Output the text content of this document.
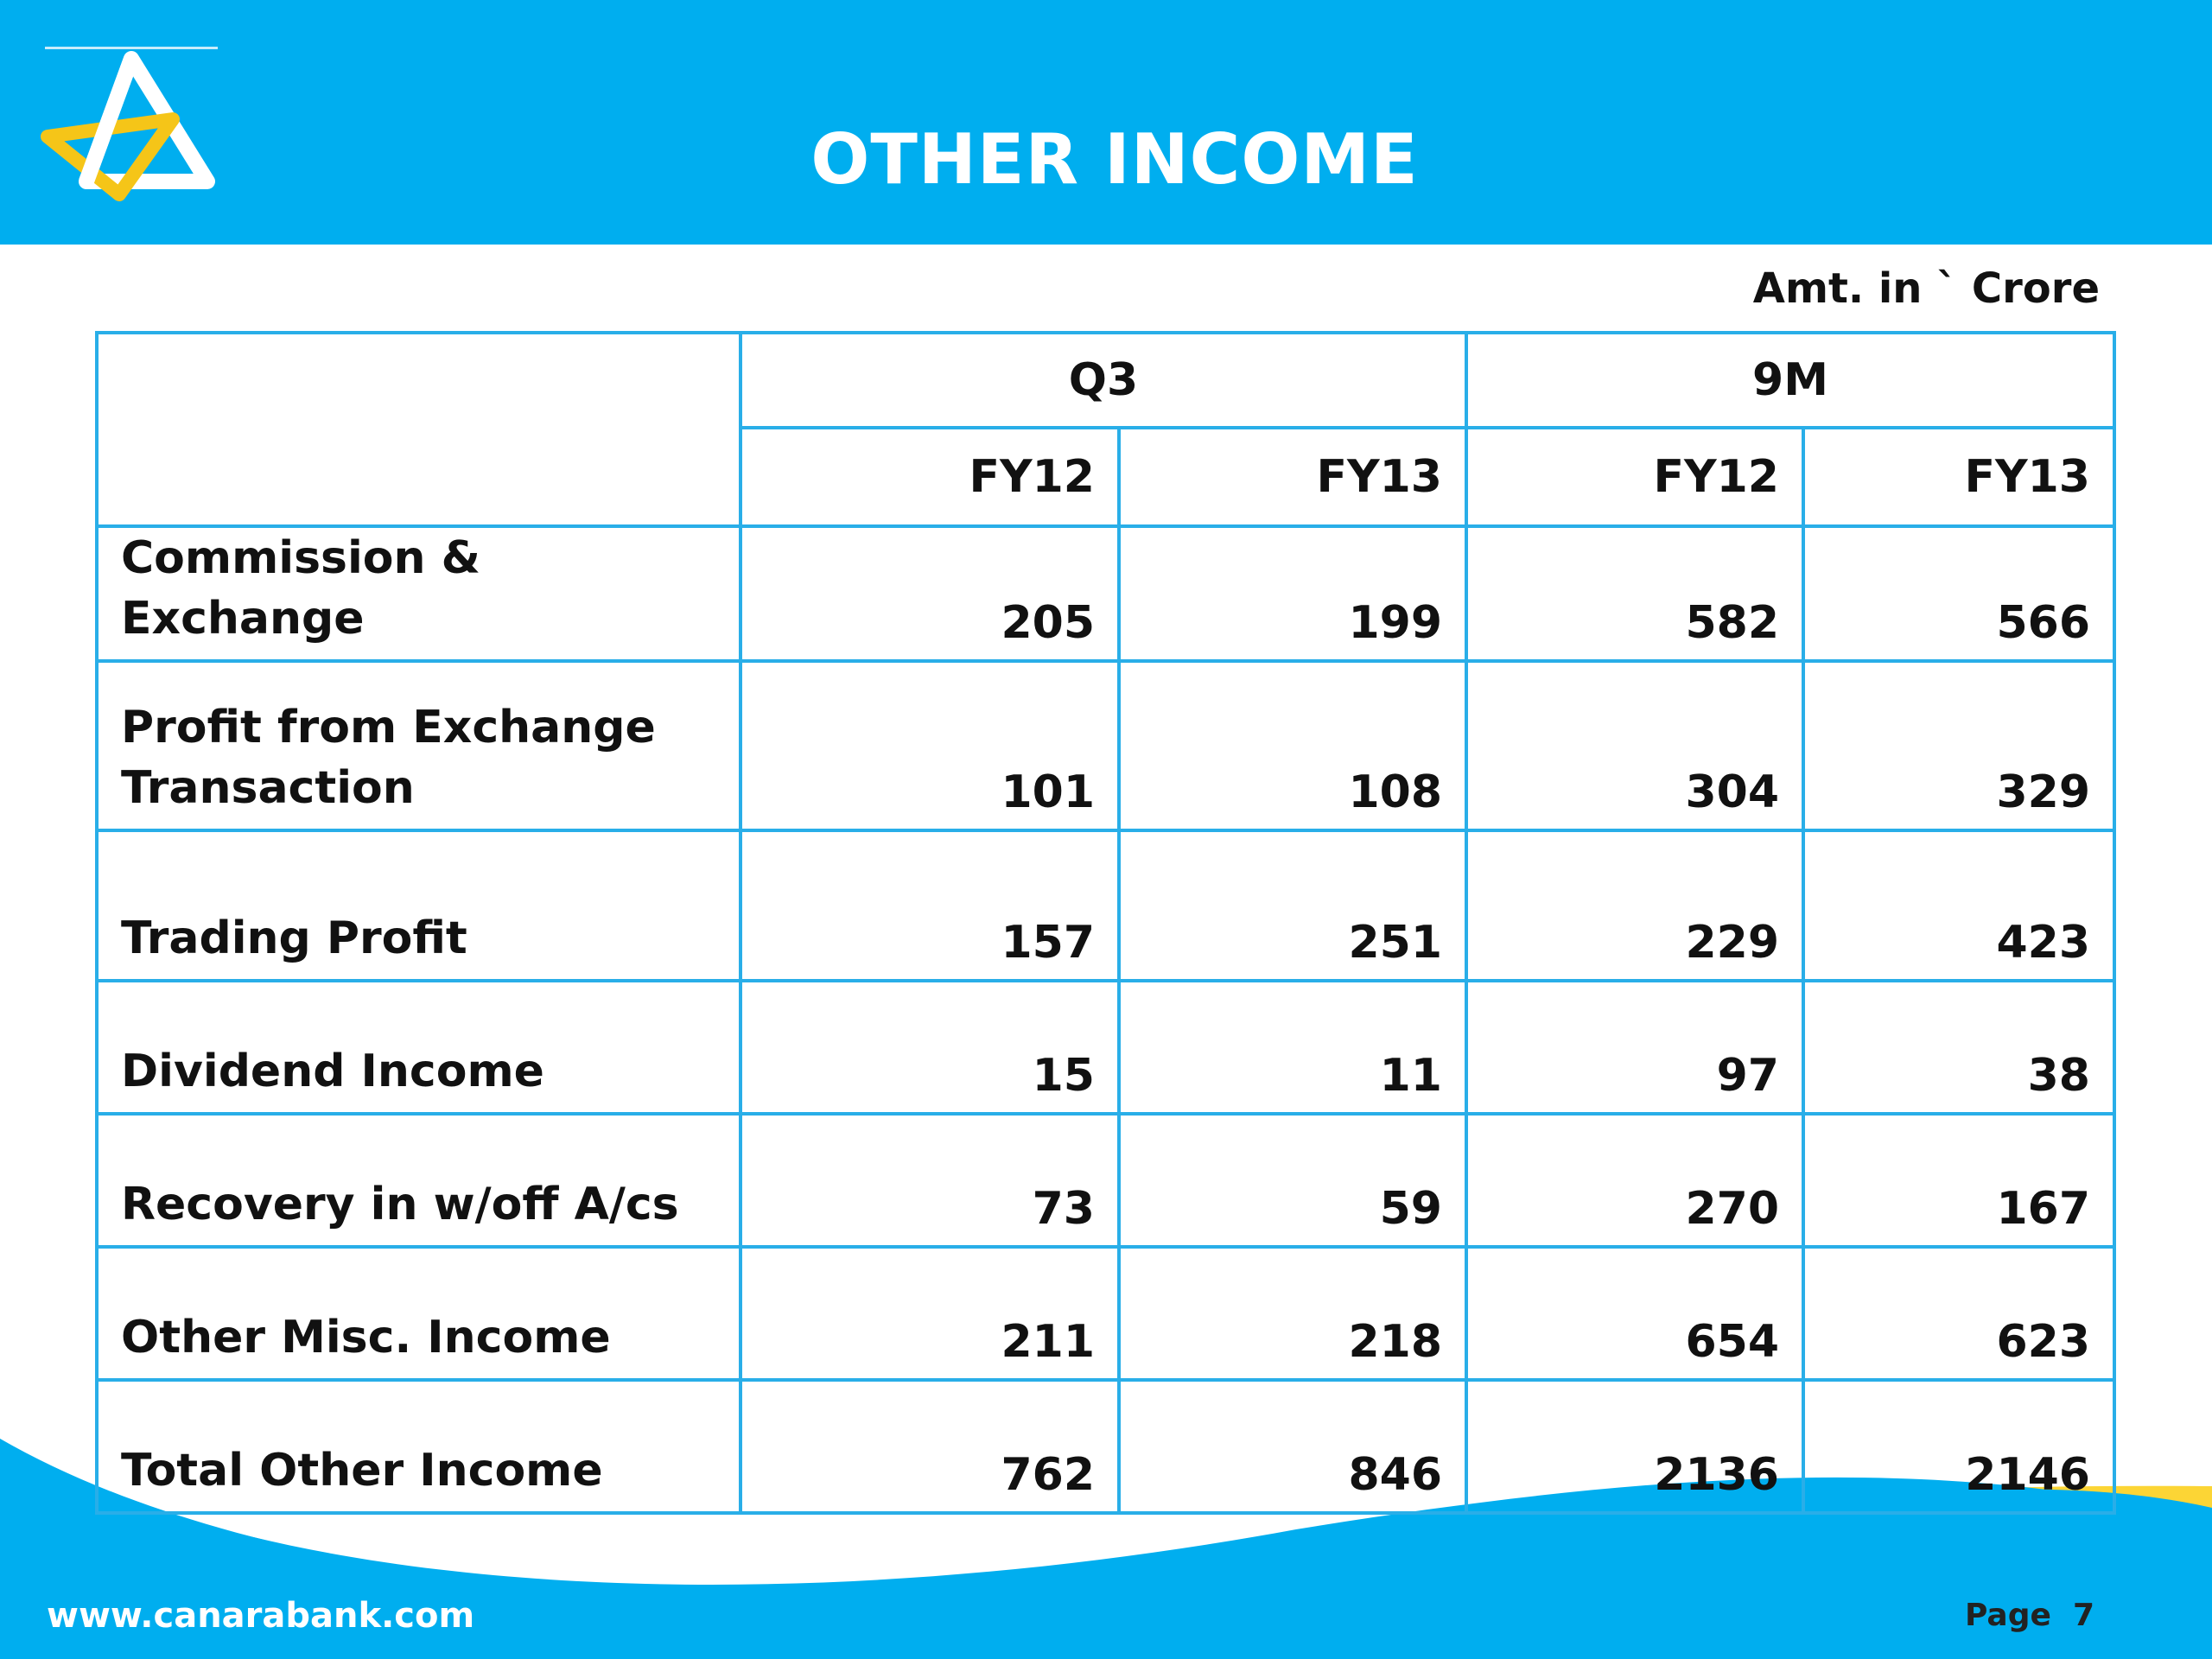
OTHER INCOME
Amt. in ` Crore
	Q3		9M	
	FY12	FY13	FY12	FY13
Commission & Exchange	205	199	582	566
Profit from Exchange Transaction	101	108	304	329
Trading Profit	157	251	229	423
Dividend Income	15	11	97	38
Recovery in w/off A/cs	73	59	270	167
Other Misc. Income	211	218	654	623
Total Other Income	762	846	2136	2146
www.canarabank.com	Page 7
